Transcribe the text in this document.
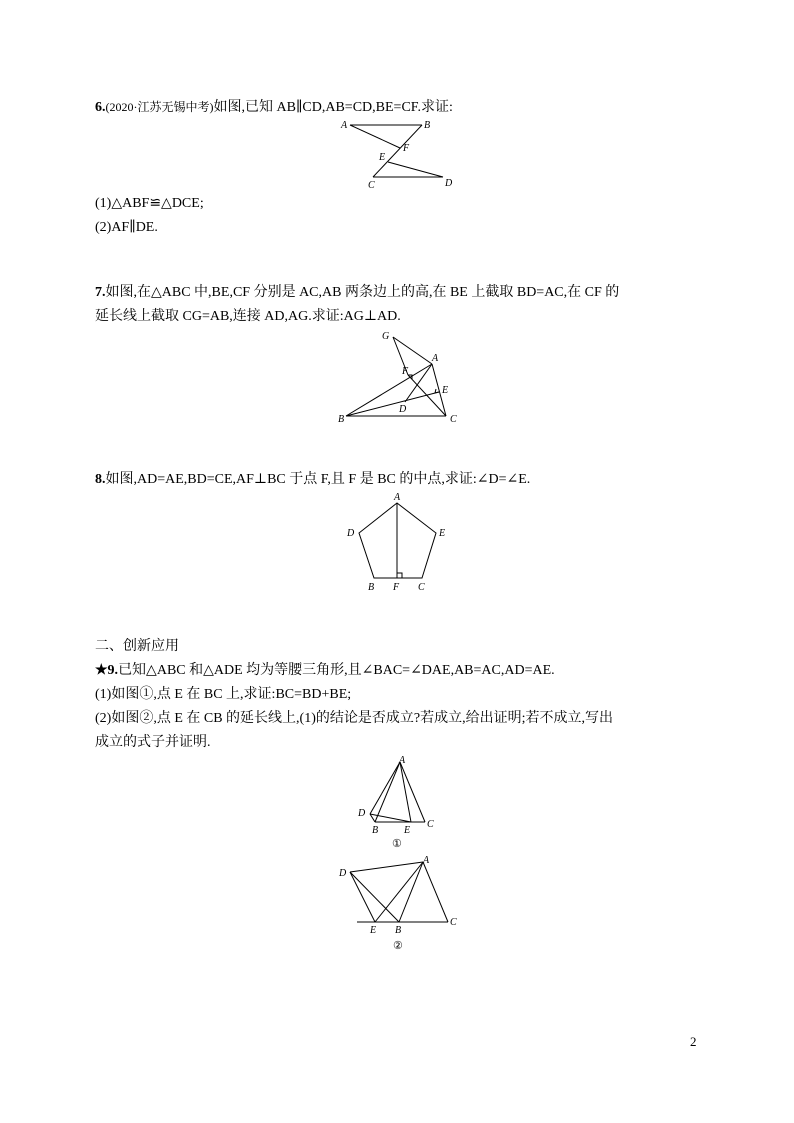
6.(2020·江苏无锡中考)如图,已知 AB∥CD,AB=CD,BE=CF.求证:
A	B
F
E
C	D
(1)△ABF≌△DCE;
(2)AF∥DE.
7.如图,在△ABC 中,BE,CF 分别是 AC,AB 两条边上的高,在 BE 上截取 BD=AC,在 CF 的
延长线上截取 CG=AB,连接 AD,AG.求证:AG⊥AD.
G
A
F
E
D
B	C
8.如图,AD=AE,BD=CE,AF⊥BC 于点 F,且 F 是 BC 的中点,求证:∠D=∠E.
A
D	E
B F C
二、创新应用
★9.已知△ABC 和△ADE 均为等腰三角形,且∠BAC=∠DAE,AB=AC,AD=AE.
(1)如图①,点 E 在 BC 上,求证:BC=BD+BE;
(2)如图②,点 E 在 CB 的延长线上,(1)的结论是否成立?若成立,给出证明;若不成立,写出
成立的式子并证明.
A
D
B	E
C
①
D
A
E B
C
②
2
